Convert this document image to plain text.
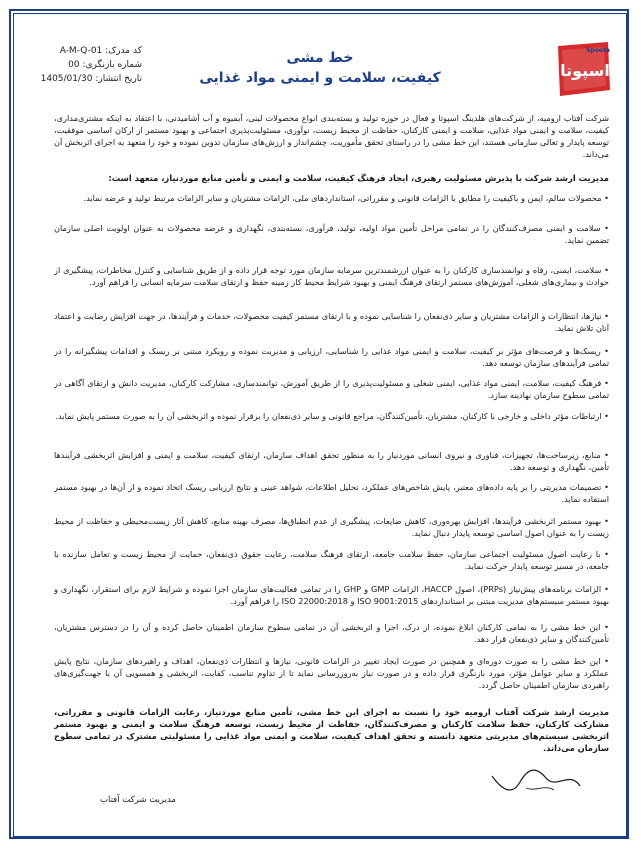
کد مدرک: A-M-Q-01
شماره بازنگری: 00
تاریخ انتشار: 1405/01/30	اسپوتا
Spoota
خط مشی
کیفیت، سلامت و ایمنی مواد غذایی
شرکت آفتاب ارومیه، از شرکت‌های هلدینگ اسپوتا و فعال در حوزه تولید و بسته‌بندی انواع محصولات لبنی، آبمیوه و آب آشامیدنی، با اعتقاد به اینکه مشتری‌مداری، کیفیت، سلامت و ایمنی مواد غذایی، سلامت و ایمنی کارکنان، حفاظت از محیط زیست، نوآوری، مسئولیت‌پذیری اجتماعی و بهبود مستمر از ارکان اساسی موفقیت، توسعه پایدار و تعالی سازمانی هستند، این خط مشی را در راستای تحقق مأموریت، چشم‌انداز و ارزش‌های سازمان تدوین نموده و خود را متعهد به اجرای اثربخش آن می‌داند.
مدیریت ارشد شرکت با پذیرش مسئولیت رهبری، ایجاد فرهنگ کیفیت، سلامت و ایمنی و تأمین منابع موردنیاز، متعهد است:
• محصولات سالم، ایمن و باکیفیت را مطابق با الزامات قانونی و مقرراتی، استانداردهای ملی، الزامات مشتریان و سایر الزامات مرتبط تولید و عرضه نماید.
• سلامت و ایمنی مصرف‌کنندگان را در تمامی مراحل تأمین مواد اولیه، تولید، فرآوری، بسته‌بندی، نگهداری و عرضه محصولات به عنوان اولویت اصلی سازمان تضمین نماید.
• سلامت، ایمنی، رفاه و توانمندسازی کارکنان را به عنوان ارزشمندترین سرمایه سازمان مورد توجه قرار داده و از طریق شناسایی و کنترل مخاطرات، پیشگیری از حوادث و بیماری‌های شغلی، آموزش‌های مستمر ارتقای فرهنگ ایمنی و بهبود شرایط محیط کار زمینه حفظ و ارتقای سلامت سرمایه انسانی را فراهم آورد.
• نیازها، انتظارات و الزامات مشتریان و سایر ذی‌نفعان را شناسایی نموده و با ارتقای مستمر کیفیت محصولات، خدمات و فرآیندها، در جهت افزایش رضایت و اعتماد آنان تلاش نماید.
• ریسک‌ها و فرصت‌های مؤثر بر کیفیت، سلامت و ایمنی مواد غذایی را شناسایی، ارزیابی و مدیریت نموده و رویکرد مبتنی بر ریسک و اقدامات پیشگیرانه را در تمامی فرآیندهای سازمان توسعه دهد.
• فرهنگ کیفیت، سلامت، ایمنی مواد غذایی، ایمنی شغلی و مسئولیت‌پذیری را از طریق آموزش، توانمندسازی، مشارکت کارکنان، مدیریت دانش و ارتقای آگاهی در تمامی سطوح سازمان نهادینه سازد.
• ارتباطات مؤثر داخلی و خارجی با کارکنان، مشتریان، تأمین‌کنندگان، مراجع قانونی و سایر ذی‌نفعان را برقرار نموده و اثربخشی آن را به صورت مستمر پایش نماید.
• منابع، زیرساخت‌ها، تجهیزات، فناوری و نیروی انسانی موردنیاز را به منظور تحقق اهداف سازمان، ارتقای کیفیت، سلامت و ایمنی و افزایش اثربخشی فرآیندها تأمین، نگهداری و توسعه دهد.
• تصمیمات مدیریتی را بر پایه داده‌های معتبر، پایش شاخص‌های عملکرد، تحلیل اطلاعات، شواهد عینی و نتایج ارزیابی ریسک اتخاذ نموده و از آن‌ها در بهبود مستمر استفاده نماید.
• بهبود مستمر اثربخشی فرآیندها، افزایش بهره‌وری، کاهش ضایعات، پیشگیری از عدم انطباق‌ها، مصرف بهینه منابع، کاهش آثار زیست‌محیطی و حفاظت از محیط زیست را به عنوان اصول اساسی توسعه پایدار دنبال نماید.
• با رعایت اصول مسئولیت اجتماعی سازمان، حفظ سلامت جامعه، ارتقای فرهنگ سلامت، رعایت حقوق ذی‌نفعان، حمایت از محیط زیست و تعامل سازنده با جامعه، در مسیر توسعه پایدار حرکت نماید.
• الزامات برنامه‌های پیش‌نیاز (PRPs)، اصول HACCP، الزامات GMP و GHP را در تمامی فعالیت‌های سازمان اجرا نموده و شرایط لازم برای استقرار، نگهداری و بهبود مستمر سیستم‌های مدیریت مبتنی بر استانداردهای ISO 9001:2015 و ISO 22000:2018 را فراهم آورد.
• این خط مشی را به تمامی کارکنان ابلاغ نموده، از درک، اجرا و اثربخشی آن در تمامی سطوح سازمان اطمینان حاصل کرده و آن را در دسترس مشتریان، تأمین‌کنندگان و سایر ذی‌نفعان قرار دهد.
• این خط مشی را به صورت دوره‌ای و همچنین در صورت ایجاد تغییر در الزامات قانونی، نیازها و انتظارات ذی‌نفعان، اهداف و راهبردهای سازمان، نتایج پایش عملکرد و سایر عوامل مؤثر، مورد بازنگری قرار داده و در صورت نیاز به‌روزرسانی نماید تا از تداوم تناسب، کفایت، اثربخشی و همسویی آن با جهت‌گیری‌های راهبردی سازمان اطمینان حاصل گردد.
مدیریت ارشد شرکت آفتاب ارومیه خود را نسبت به اجرای این خط مشی، تأمین منابع موردنیاز، رعایت الزامات قانونی و مقرراتی، مشارکت کارکنان، حفظ سلامت کارکنان و مصرف‌کنندگان، حفاظت از محیط زیست، توسعه فرهنگ سلامت و ایمنی و بهبود مستمر اثربخشی سیستم‌های مدیریتی متعهد دانسته و تحقق اهداف کیفیت، سلامت و ایمنی مواد غذایی را مسئولیتی مشترک در تمامی سطوح سازمان می‌داند.
مدیریت شرکت آفتاب
